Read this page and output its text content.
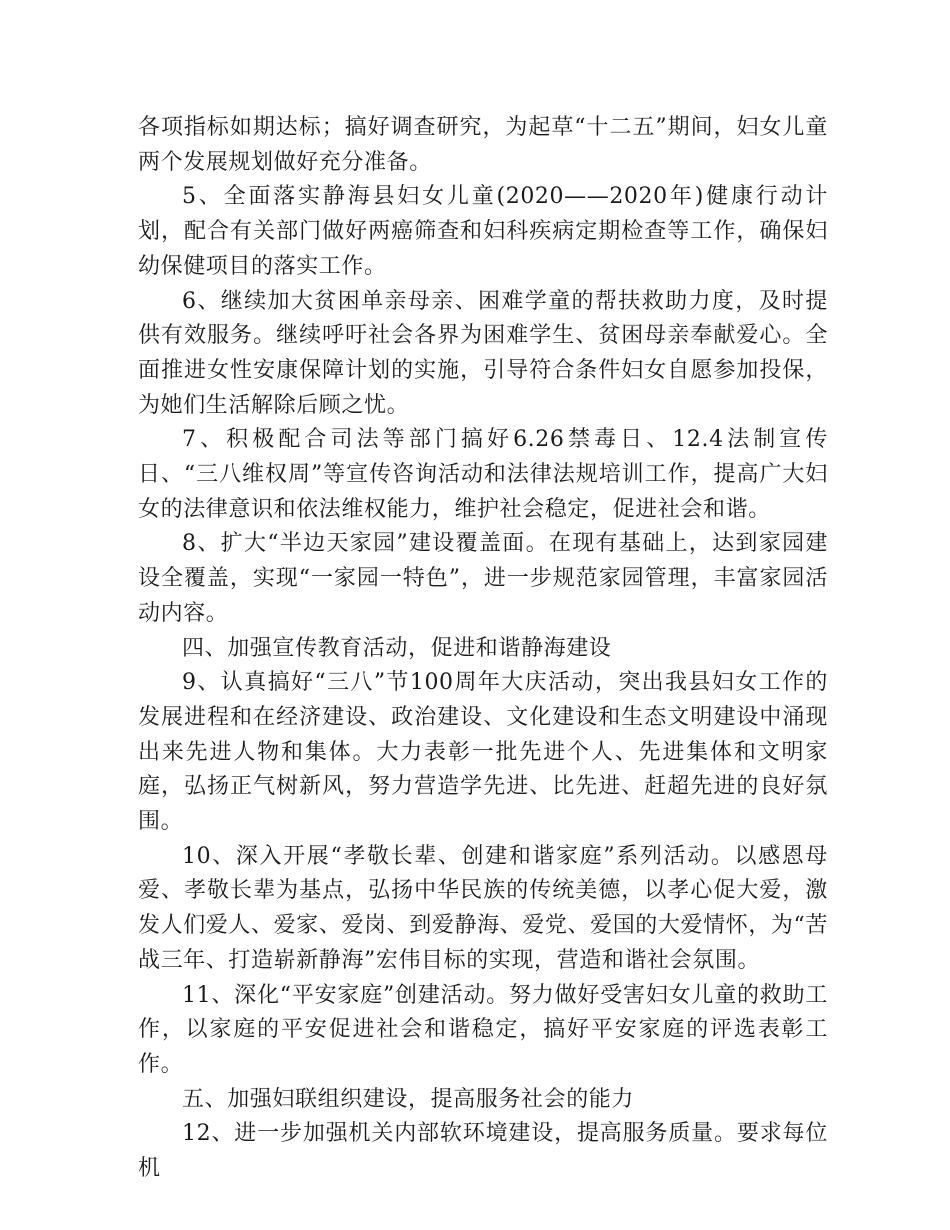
各项指标如期达标；搞好调查研究，为起草“十二五”期间，妇女儿童两个发展规划做好充分准备。

5、全面落实静海县妇女儿童(2020——2020年)健康行动计划，配合有关部门做好两癌筛查和妇科疾病定期检查等工作，确保妇幼保健项目的落实工作。

6、继续加大贫困单亲母亲、困难学童的帮扶救助力度，及时提供有效服务。继续呼吁社会各界为困难学生、贫困母亲奉献爱心。全面推进女性安康保障计划的实施，引导符合条件妇女自愿参加投保，为她们生活解除后顾之忧。

7、积极配合司法等部门搞好6.26禁毒日、12.4法制宣传日、“三八维权周”等宣传咨询活动和法律法规培训工作，提高广大妇女的法律意识和依法维权能力，维护社会稳定，促进社会和谐。

8、扩大“半边天家园”建设覆盖面。在现有基础上，达到家园建设全覆盖，实现“一家园一特色”，进一步规范家园管理，丰富家园活动内容。

四、加强宣传教育活动，促进和谐静海建设

9、认真搞好“三八”节100周年大庆活动，突出我县妇女工作的发展进程和在经济建设、政治建设、文化建设和生态文明建设中涌现出来先进人物和集体。大力表彰一批先进个人、先进集体和文明家庭，弘扬正气树新风，努力营造学先进、比先进、赶超先进的良好氛围。

10、深入开展“孝敬长辈、创建和谐家庭”系列活动。以感恩母爱、孝敬长辈为基点，弘扬中华民族的传统美德，以孝心促大爱，激发人们爱人、爱家、爱岗、到爱静海、爱党、爱国的大爱情怀，为“苦战三年、打造崭新静海”宏伟目标的实现，营造和谐社会氛围。

11、深化“平安家庭”创建活动。努力做好受害妇女儿童的救助工作，以家庭的平安促进社会和谐稳定，搞好平安家庭的评选表彰工作。

五、加强妇联组织建设，提高服务社会的能力

12、进一步加强机关内部软环境建设，提高服务质量。要求每位机
